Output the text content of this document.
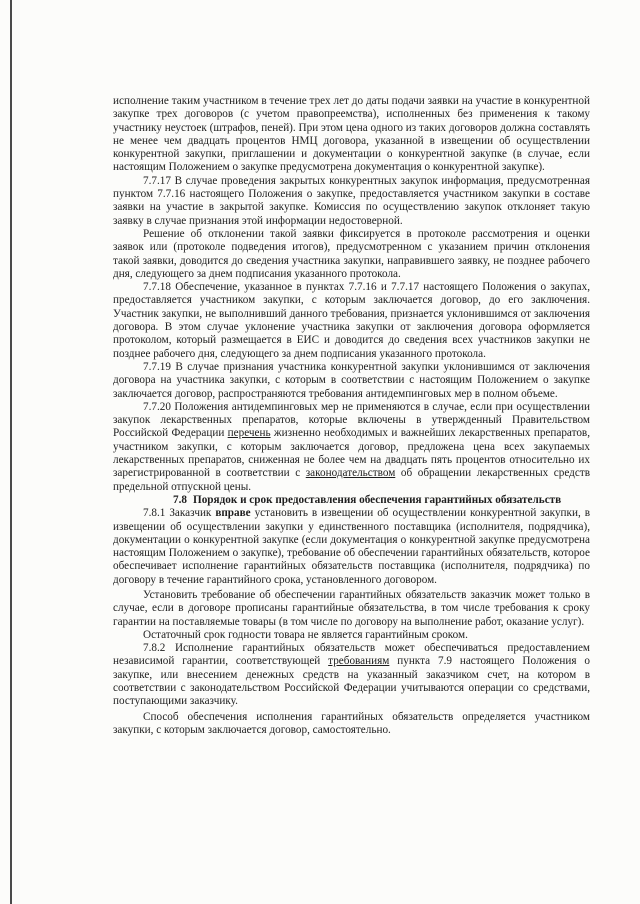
исполнение таким участником в течение трех лет до даты подачи заявки на участие в конкурентной закупке трех договоров (с учетом правопреемства), исполненных без применения к такому участнику неустоек (штрафов, пеней). При этом цена одного из таких договоров должна составлять не менее чем двадцать процентов НМЦ договора, указанной в извещении об осуществлении конкурентной закупки, приглашении и документации о конкурентной закупке (в случае, если настоящим Положением о закупке предусмотрена документация о конкурентной закупке).

7.7.17 В случае проведения закрытых конкурентных закупок информация, предусмотренная пунктом 7.7.16 настоящего Положения о закупке, предоставляется участником закупки в составе заявки на участие в закрытой закупке. Комиссия по осуществлению закупок отклоняет такую заявку в случае признания этой информации недостоверной.

Решение об отклонении такой заявки фиксируется в протоколе рассмотрения и оценки заявок или (протоколе подведения итогов), предусмотренном с указанием причин отклонения такой заявки, доводится до сведения участника закупки, направившего заявку, не позднее рабочего дня, следующего за днем подписания указанного протокола.

7.7.18 Обеспечение, указанное в пунктах 7.7.16 и 7.7.17 настоящего Положения о закупах, предоставляется участником закупки, с которым заключается договор, до его заключения. Участник закупки, не выполнивший данного требования, признается уклонившимся от заключения договора. В этом случае уклонение участника закупки от заключения договора оформляется протоколом, который размещается в ЕИС и доводится до сведения всех участников закупки не позднее рабочего дня, следующего за днем подписания указанного протокола.

7.7.19 В случае признания участника конкурентной закупки уклонившимся от заключения договора на участника закупки, с которым в соответствии с настоящим Положением о закупке заключается договор, распространяются требования антидемпинговых мер в полном объеме.

7.7.20 Положения антидемпинговых мер не применяются в случае, если при осуществлении закупок лекарственных препаратов, которые включены в утвержденный Правительством Российской Федерации перечень жизненно необходимых и важнейших лекарственных препаратов, участником закупки, с которым заключается договор, предложена цена всех закупаемых лекарственных препаратов, сниженная не более чем на двадцать пять процентов относительно их зарегистрированной в соответствии с законодательством об обращении лекарственных средств предельной отпускной цены.

7.8 Порядок и срок предоставления обеспечения гарантийных обязательств

7.8.1 Заказчик вправе установить в извещении об осуществлении конкурентной закупки, в извещении об осуществлении закупки у единственного поставщика (исполнителя, подрядчика), документации о конкурентной закупке (если документация о конкурентной закупке предусмотрена настоящим Положением о закупке), требование об обеспечении гарантийных обязательств, которое обеспечивает исполнение гарантийных обязательств поставщика (исполнителя, подрядчика) по договору в течение гарантийного срока, установленного договором.

Установить требование об обеспечении гарантийных обязательств заказчик может только в случае, если в договоре прописаны гарантийные обязательства, в том числе требования к сроку гарантии на поставляемые товары (в том числе по договору на выполнение работ, оказание услуг).

Остаточный срок годности товара не является гарантийным сроком.

7.8.2 Исполнение гарантийных обязательств может обеспечиваться предоставлением независимой гарантии, соответствующей требованиям пункта 7.9 настоящего Положения о закупке, или внесением денежных средств на указанный заказчиком счет, на котором в соответствии с законодательством Российской Федерации учитываются операции со средствами, поступающими заказчику.

Способ обеспечения исполнения гарантийных обязательств определяется участником закупки, с которым заключается договор, самостоятельно.
